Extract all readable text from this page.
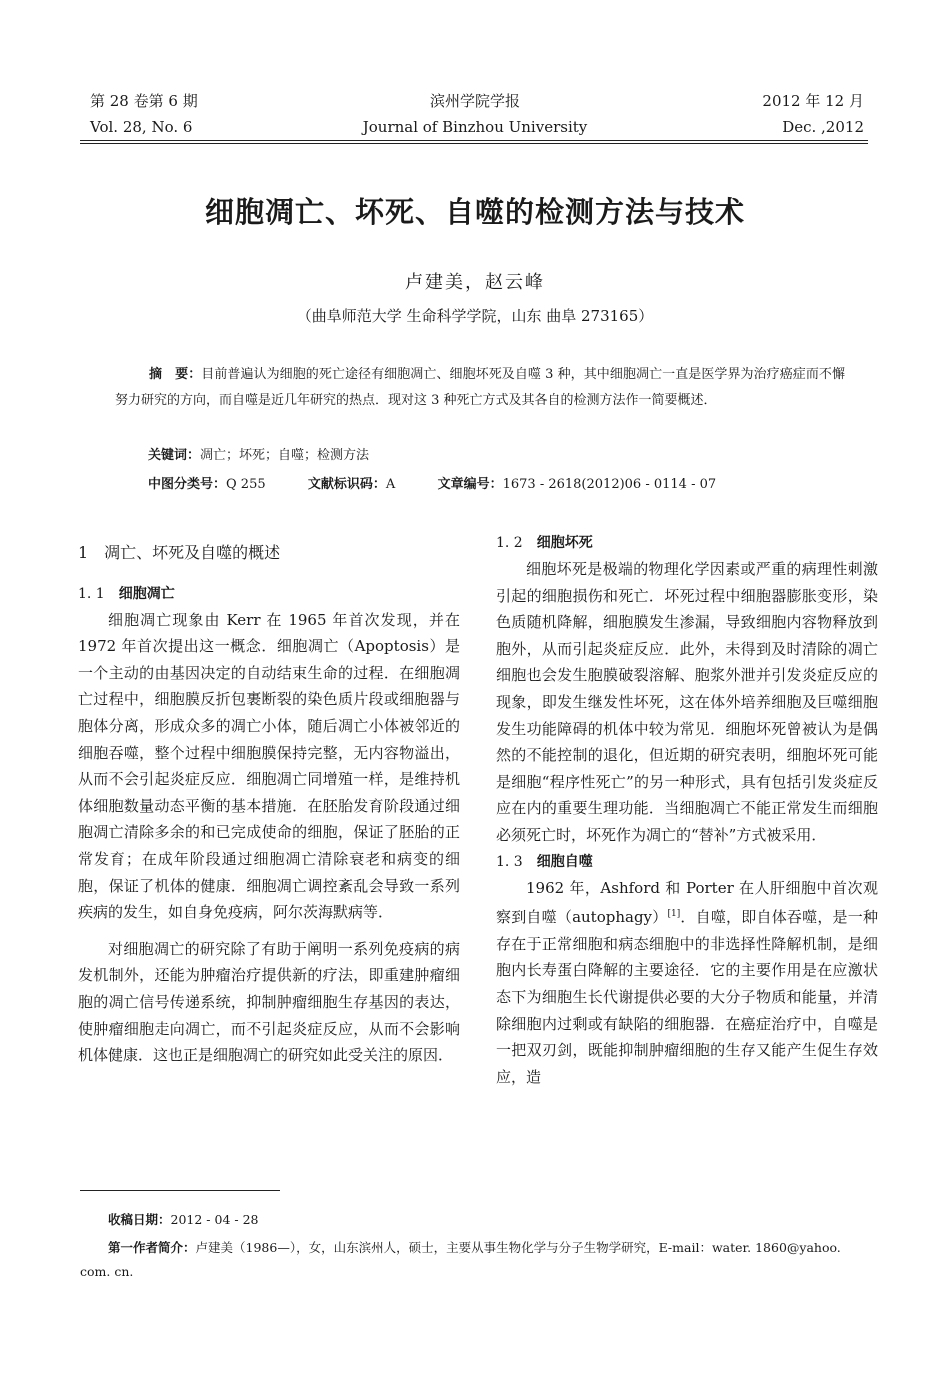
第 28 卷第 6 期
Vol. 28, No. 6
滨州学院学报
Journal of Binzhou University
2012 年 12 月
Dec. ,2012
细胞凋亡、坏死、自噬的检测方法与技术
卢建美，赵云峰
（曲阜师范大学 生命科学学院，山东 曲阜 273165）
摘　要：目前普遍认为细胞的死亡途径有细胞凋亡、细胞坏死及自噬 3 种，其中细胞凋亡一直是医学界为治疗癌症而不懈努力研究的方向，而自噬是近几年研究的热点．现对这 3 种死亡方式及其各自的检测方法作一简要概述．
关键词：凋亡；坏死；自噬；检测方法
中图分类号：Q 255	文献标识码：A	文章编号：1673 - 2618(2012)06 - 0114 - 07
1　凋亡、坏死及自噬的概述
1. 1 细胞凋亡

细胞凋亡现象由 Kerr 在 1965 年首次发现，并在 1972 年首次提出这一概念．细胞凋亡（Apoptosis）是一个主动的由基因决定的自动结束生命的过程．在细胞凋亡过程中，细胞膜反折包裹断裂的染色质片段或细胞器与胞体分离，形成众多的凋亡小体，随后凋亡小体被邻近的细胞吞噬，整个过程中细胞膜保持完整，无内容物溢出，从而不会引起炎症反应．细胞凋亡同增殖一样，是维持机体细胞数量动态平衡的基本措施．在胚胎发育阶段通过细胞凋亡清除多余的和已完成使命的细胞，保证了胚胎的正常发育；在成年阶段通过细胞凋亡清除衰老和病变的细胞，保证了机体的健康．细胞凋亡调控紊乱会导致一系列疾病的发生，如自身免疫病，阿尔茨海默病等．

对细胞凋亡的研究除了有助于阐明一系列免疫病的病发机制外，还能为肿瘤治疗提供新的疗法，即重建肿瘤细胞的凋亡信号传递系统，抑制肿瘤细胞生存基因的表达，使肿瘤细胞走向凋亡，而不引起炎症反应，从而不会影响机体健康．这也正是细胞凋亡的研究如此受关注的原因．

1. 2 细胞坏死

细胞坏死是极端的物理化学因素或严重的病理性刺激引起的细胞损伤和死亡．坏死过程中细胞器膨胀变形，染色质随机降解，细胞膜发生渗漏，导致细胞内容物释放到胞外，从而引起炎症反应．此外，未得到及时清除的凋亡细胞也会发生胞膜破裂溶解、胞浆外泄并引发炎症反应的现象，即发生继发性坏死，这在体外培养细胞及巨噬细胞发生功能障碍的机体中较为常见．细胞坏死曾被认为是偶然的不能控制的退化，但近期的研究表明，细胞坏死可能是细胞“程序性死亡”的另一种形式，具有包括引发炎症反应在内的重要生理功能．当细胞凋亡不能正常发生而细胞必须死亡时，坏死作为凋亡的“替补”方式被采用．

1. 3 细胞自噬

1962 年，Ashford 和 Porter 在人肝细胞中首次观察到自噬（autophagy）[1]．自噬，即自体吞噬，是一种存在于正常细胞和病态细胞中的非选择性降解机制，是细胞内长寿蛋白降解的主要途径．它的主要作用是在应激状态下为细胞生长代谢提供必要的大分子物质和能量，并清除细胞内过剩或有缺陷的细胞器．在癌症治疗中，自噬是一把双刃剑，既能抑制肿瘤细胞的生存又能产生促生存效应，造

收稿日期：2012 - 04 - 28
第一作者简介：卢建美（1986—），女，山东滨州人，硕士，主要从事生物化学与分子生物学研究，E-mail：water. 1860@yahoo. com. cn.
